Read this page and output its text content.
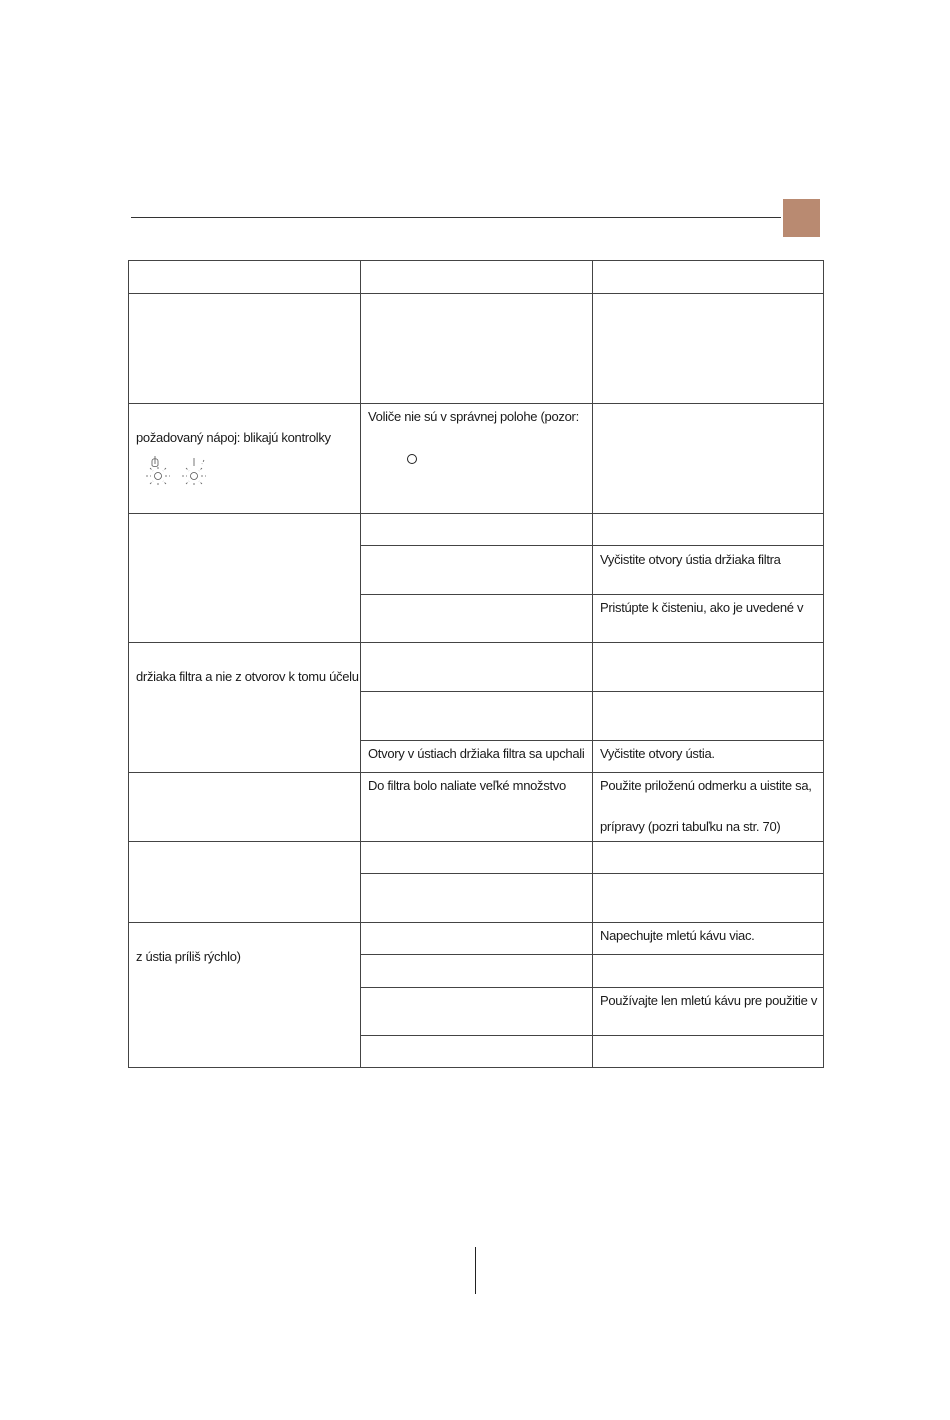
požadovaný nápoj: blikajú kontrolky
Voliče nie sú v správnej polohe (pozor:
Vyčistite otvory ústia držiaka filtra
Pristúpte k čisteniu, ako je uvedené v
držiaka filtra a nie z otvorov k tomu účelu
Otvory v ústiach držiaka filtra sa upchali Vyčistite otvory ústia.
Do filtra bolo naliate veľké množstvo	Použite priloženú odmerku a uistite sa,
prípravy (pozri tabuľku na str. 70)
Napechujte mletú kávu viac.
z ústia príliš rýchlo)
Používajte len mletú kávu pre použitie v
